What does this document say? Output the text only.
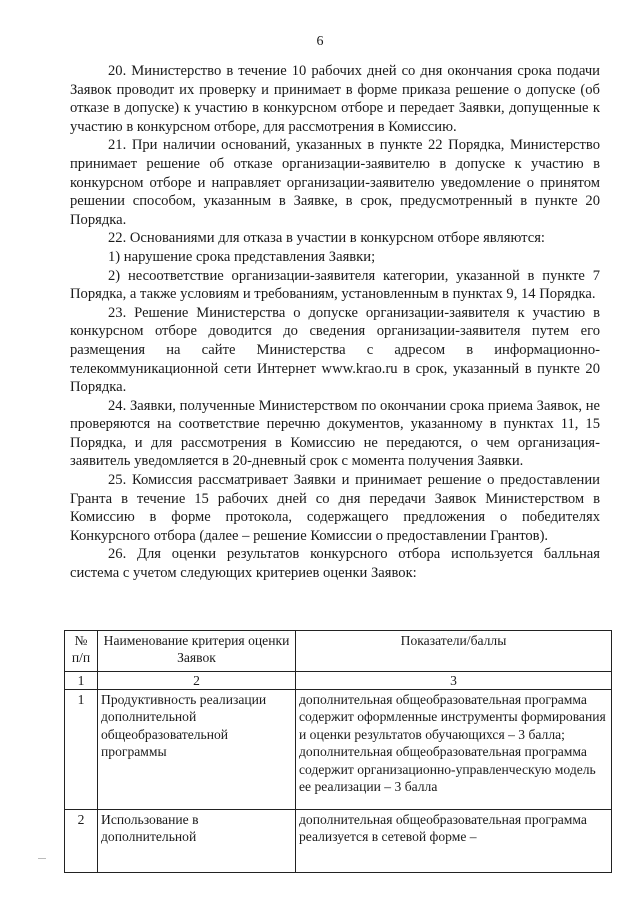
6

20. Министерство в течение 10 рабочих дней со дня окончания срока подачи Заявок проводит их проверку и принимает в форме приказа решение о допуске (об отказе в допуске) к участию в конкурсном отборе и передает Заявки, допущенные к участию в конкурсном отборе, для рассмотрения в Комиссию.

21. При наличии оснований, указанных в пункте 22 Порядка, Министерство принимает решение об отказе организации-заявителю в допуске к участию в конкурсном отборе и направляет организации-заявителю уведомление о принятом решении способом, указанным в Заявке, в срок, предусмотренный в пункте 20 Порядка.

22. Основаниями для отказа в участии в конкурсном отборе являются:

1) нарушение срока представления Заявки;

2) несоответствие организации-заявителя категории, указанной в пункте 7 Порядка, а также условиям и требованиям, установленным в пунктах 9, 14 Порядка.

23. Решение Министерства о допуске организации-заявителя к участию в конкурсном отборе доводится до сведения организации-заявителя путем его размещения на сайте Министерства с адресом в информационно-телекоммуникационной сети Интернет www.krao.ru в срок, указанный в пункте 20 Порядка.

24. Заявки, полученные Министерством по окончании срока приема Заявок, не проверяются на соответствие перечню документов, указанному в пунктах 11, 15 Порядка, и для рассмотрения в Комиссию не передаются, о чем организация-заявитель уведомляется в 20-дневный срок с момента получения Заявки.

25. Комиссия рассматривает Заявки и принимает решение о предоставлении Гранта в течение 15 рабочих дней со дня передачи Заявок Министерством в Комиссию в форме протокола, содержащего предложения о победителях Конкурсного отбора (далее – решение Комиссии о предоставлении Грантов).

26. Для оценки результатов конкурсного отбора используется балльная система с учетом следующих критериев оценки Заявок:

№ п/п	Наименование критерия оценки Заявок	Показатели/баллы
1	2	3
1	Продуктивность реализации дополнительной общеобразовательной программы	дополнительная общеобразовательная программа содержит оформленные инструменты формирования и оценки результатов обучающихся – 3 балла; дополнительная общеобразовательная программа содержит организационно-управленческую модель ее реализации – 3 балла
2	Использование в дополнительной	дополнительная общеобразовательная программа реализуется в сетевой форме –
